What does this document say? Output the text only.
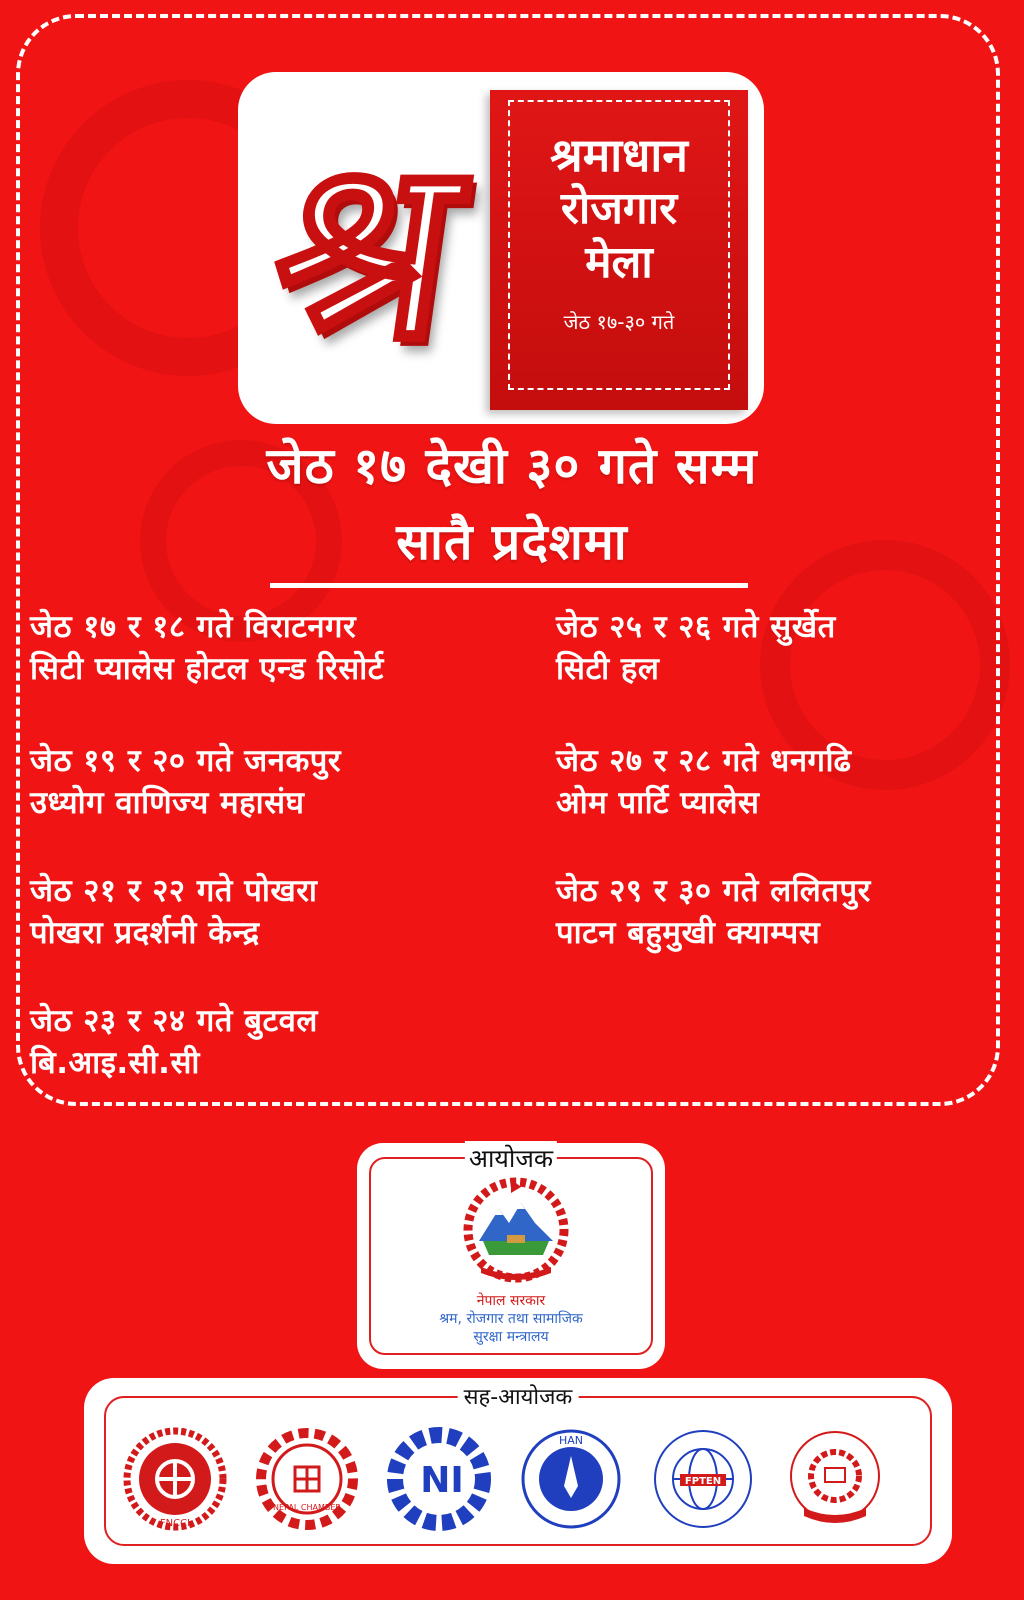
श्र	श्रमाधान
रोजगार
मेला
जेठ १७-३० गते
जेठ १७ देखी ३० गते सम्म
सातै प्रदेशमा
जेठ १७ र १८ गते विराटनगर
सिटी प्यालेस होटल एन्ड रिसोर्ट
जेठ २५ र २६ गते सुर्खेत
सिटी हल
जेठ १९ र २० गते जनकपुर
उध्योग वाणिज्य महासंघ
जेठ २७ र २८ गते धनगढि
ओम पार्टि प्यालेस
जेठ २१ र २२ गते पोखरा
पोखरा प्रदर्शनी केन्द्र
जेठ २९ र ३० गते ललितपुर
पाटन बहुमुखी क्याम्पस
जेठ २३ र २४ गते बुटवल
बि.आइ.सी.सी
आयोजक
नेपाल सरकार
श्रम, रोजगार तथा सामाजिक
सुरक्षा मन्त्रालय
सह-आयोजक
FNCCI
NEPAL CHAMBER
NI
HAN
FPTEN
